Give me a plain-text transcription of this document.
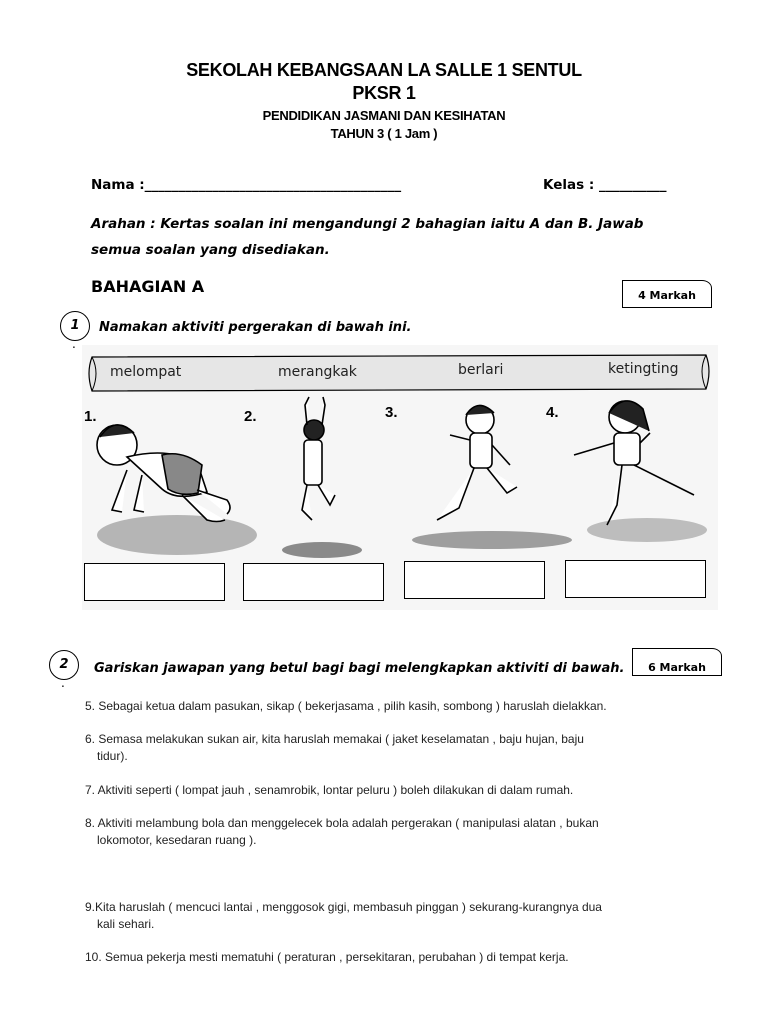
SEKOLAH KEBANGSAAN LA SALLE 1 SENTUL
PKSR 1
PENDIDIKAN JASMANI DAN KESIHATAN
TAHUN 3 ( 1 Jam )
Nama :______________________________________	Kelas : __________
Arahan : Kertas soalan ini mengandungi 2 bahagian iaitu A dan B. Jawab semua soalan yang disediakan.
BAHAGIAN A	4 Markah
1
.
Namakan aktiviti pergerakan di bawah ini.
melompat	merangkak	berlari	ketingting
1.	2.	3.	4.
2
.
Gariskan jawapan yang betul bagi bagi melengkapkan aktiviti di bawah.	6 Markah
5. Sebagai ketua dalam pasukan, sikap ( bekerjasama , pilih kasih, sombong ) haruslah dielakkan.
6. Semasa melakukan sukan air, kita haruslah memakai ( jaket keselamatan , baju hujan, baju
tidur).
7. Aktiviti seperti ( lompat jauh , senamrobik, lontar peluru ) boleh dilakukan di dalam rumah.
8. Aktiviti melambung bola dan menggelecek bola adalah pergerakan ( manipulasi alatan , bukan
lokomotor, kesedaran ruang ).
9.Kita haruslah ( mencuci lantai , menggosok gigi, membasuh pinggan ) sekurang-kurangnya dua
kali sehari.
10. Semua pekerja mesti mematuhi ( peraturan , persekitaran, perubahan ) di tempat kerja.
